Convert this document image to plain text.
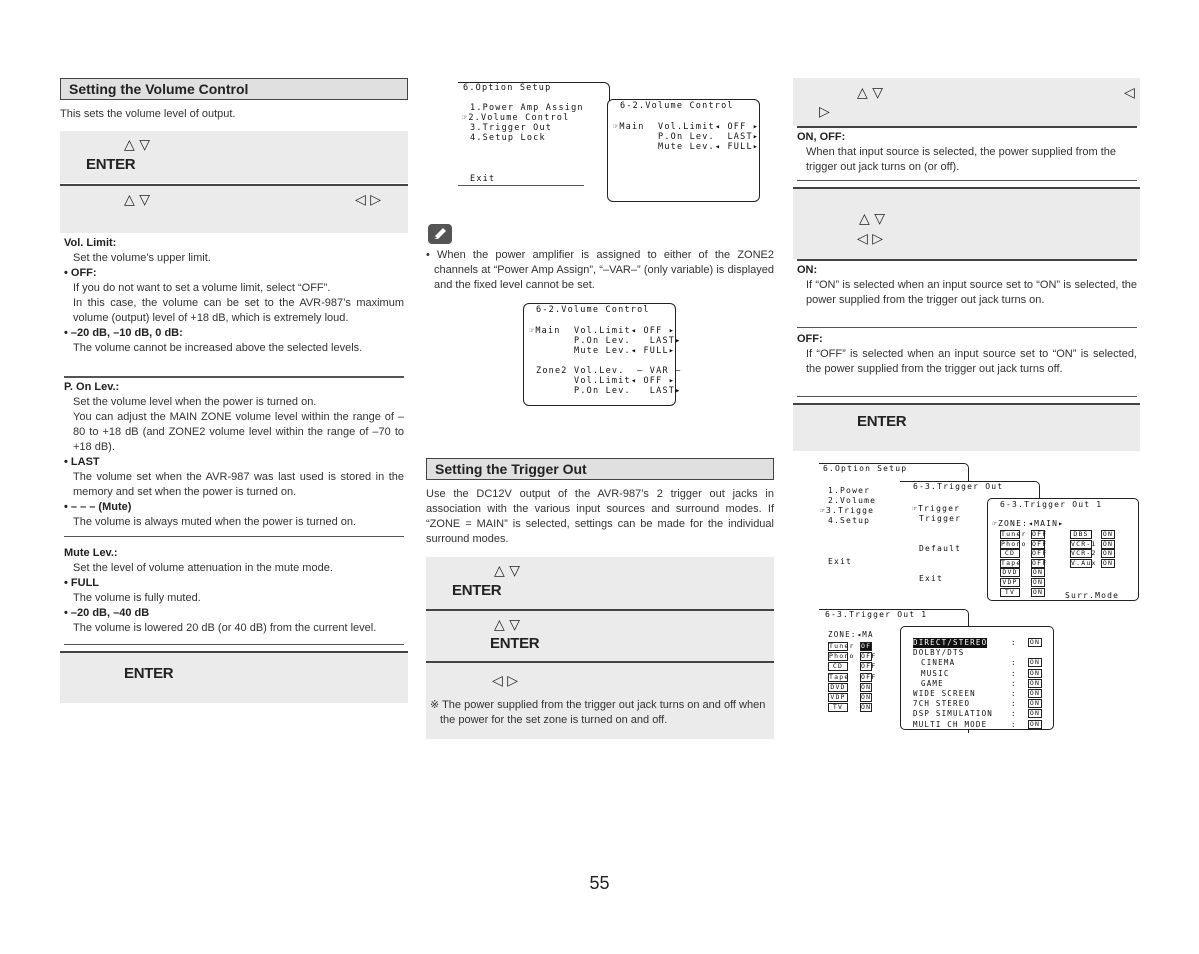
Setting the Volume Control
This sets the volume level of output.
△ ▽
ENTER
△ ▽	◁ ▷
Vol. Limit:
Set the volume's upper limit.
• OFF:
If you do not want to set a volume limit, select “OFF”.
In this case, the volume can be set to the AVR-987’s maximum volume (output) level of +18 dB, which is extremely loud.
• –20 dB, –10 dB, 0 dB:
The volume cannot be increased above the selected levels.
P. On Lev.:
Set the volume level when the power is turned on.
You can adjust the MAIN ZONE volume level within the range of –80 to +18 dB (and ZONE2 volume level within the range of –70 to +18 dB).
• LAST
The volume set when the AVR-987 was last used is stored in the memory and set when the power is turned on.
• – – – (Mute)
The volume is always muted when the power is turned on.
Mute Lev.:
Set the level of volume attenuation in the mute mode.
• FULL
The volume is fully muted.
• –20 dB, –40 dB
The volume is lowered 20 dB (or 40 dB) from the current level.
ENTER

6.Option Setup

1.Power Amp Assign

☞2.Volume Control

3.Trigger Out

4.Setup Lock

Exit

6-2.Volume Control

☞Main

Vol.Limit◂ OFF ▸

P.On Lev.  LAST▸

Mute Lev.◂ FULL▸

• When the power amplifier is assigned to either of the ZONE2 channels at “Power Amp Assign”, “–VAR–” (only variable) is displayed and the fixed level cannot be set.

6-2.Volume Control

☞Main

Vol.Limit◂ OFF ▸

P.On Lev.   LAST▸

Mute Lev.◂ FULL▸

Zone2

Vol.Lev.  – VAR –

Vol.Limit◂ OFF ▸

P.On Lev.   LAST▸

Setting the Trigger Out
Use the DC12V output of the AVR-987’s 2 trigger out jacks in association with the various input sources and surround modes. If “ZONE = MAIN” is selected, settings can be made for the individual surround modes.
△ ▽
ENTER
△ ▽
ENTER
◁ ▷
※ The power supplied from the trigger out jack turns on and off when the power for the set zone is turned on and off.
△ ▽	◁
▷
ON, OFF:
When that input source is selected, the power supplied from the trigger out jack turns on (or off).
△ ▽
◁ ▷
ON:
If “ON” is selected when an input source set to “ON” is selected, the power supplied from the trigger out jack turns on.
OFF:
If “OFF” is selected when an input source set to “ON” is selected, the power supplied from the trigger out jack turns off.
ENTER

6.Option Setup

1.Power

2.Volume

☞3.Trigge

4.Setup

Exit

6-3.Trigger Out

☞Trigger

Trigger

Default

Exit

6-3.Trigger Out 1

☞ZONE:◂MAIN▸

Tuner OFF
Phono OFF
CD	OFF
Tape OFF
DVD	ON
VDP	ON
TV	ON

DBS	ON
VCR-1 ON
VCR-2 ON
V.Aux ON

Surr.Mode

6-3.Trigger Out 1

ZONE:◂MA

Tuner OFF
Phono OFF
CD	OFF
Tape OFF
DVD	ON
VDP	ON
TV	ON

DIRECT/STEREO	: ON
DOLBY/DTS
CINEMA	: ON
MUSIC	: ON
GAME	: ON
WIDE SCREEN	: ON
7CH STEREO	: ON
DSP SIMULATION : ON
MULTI CH MODE	: ON

55
